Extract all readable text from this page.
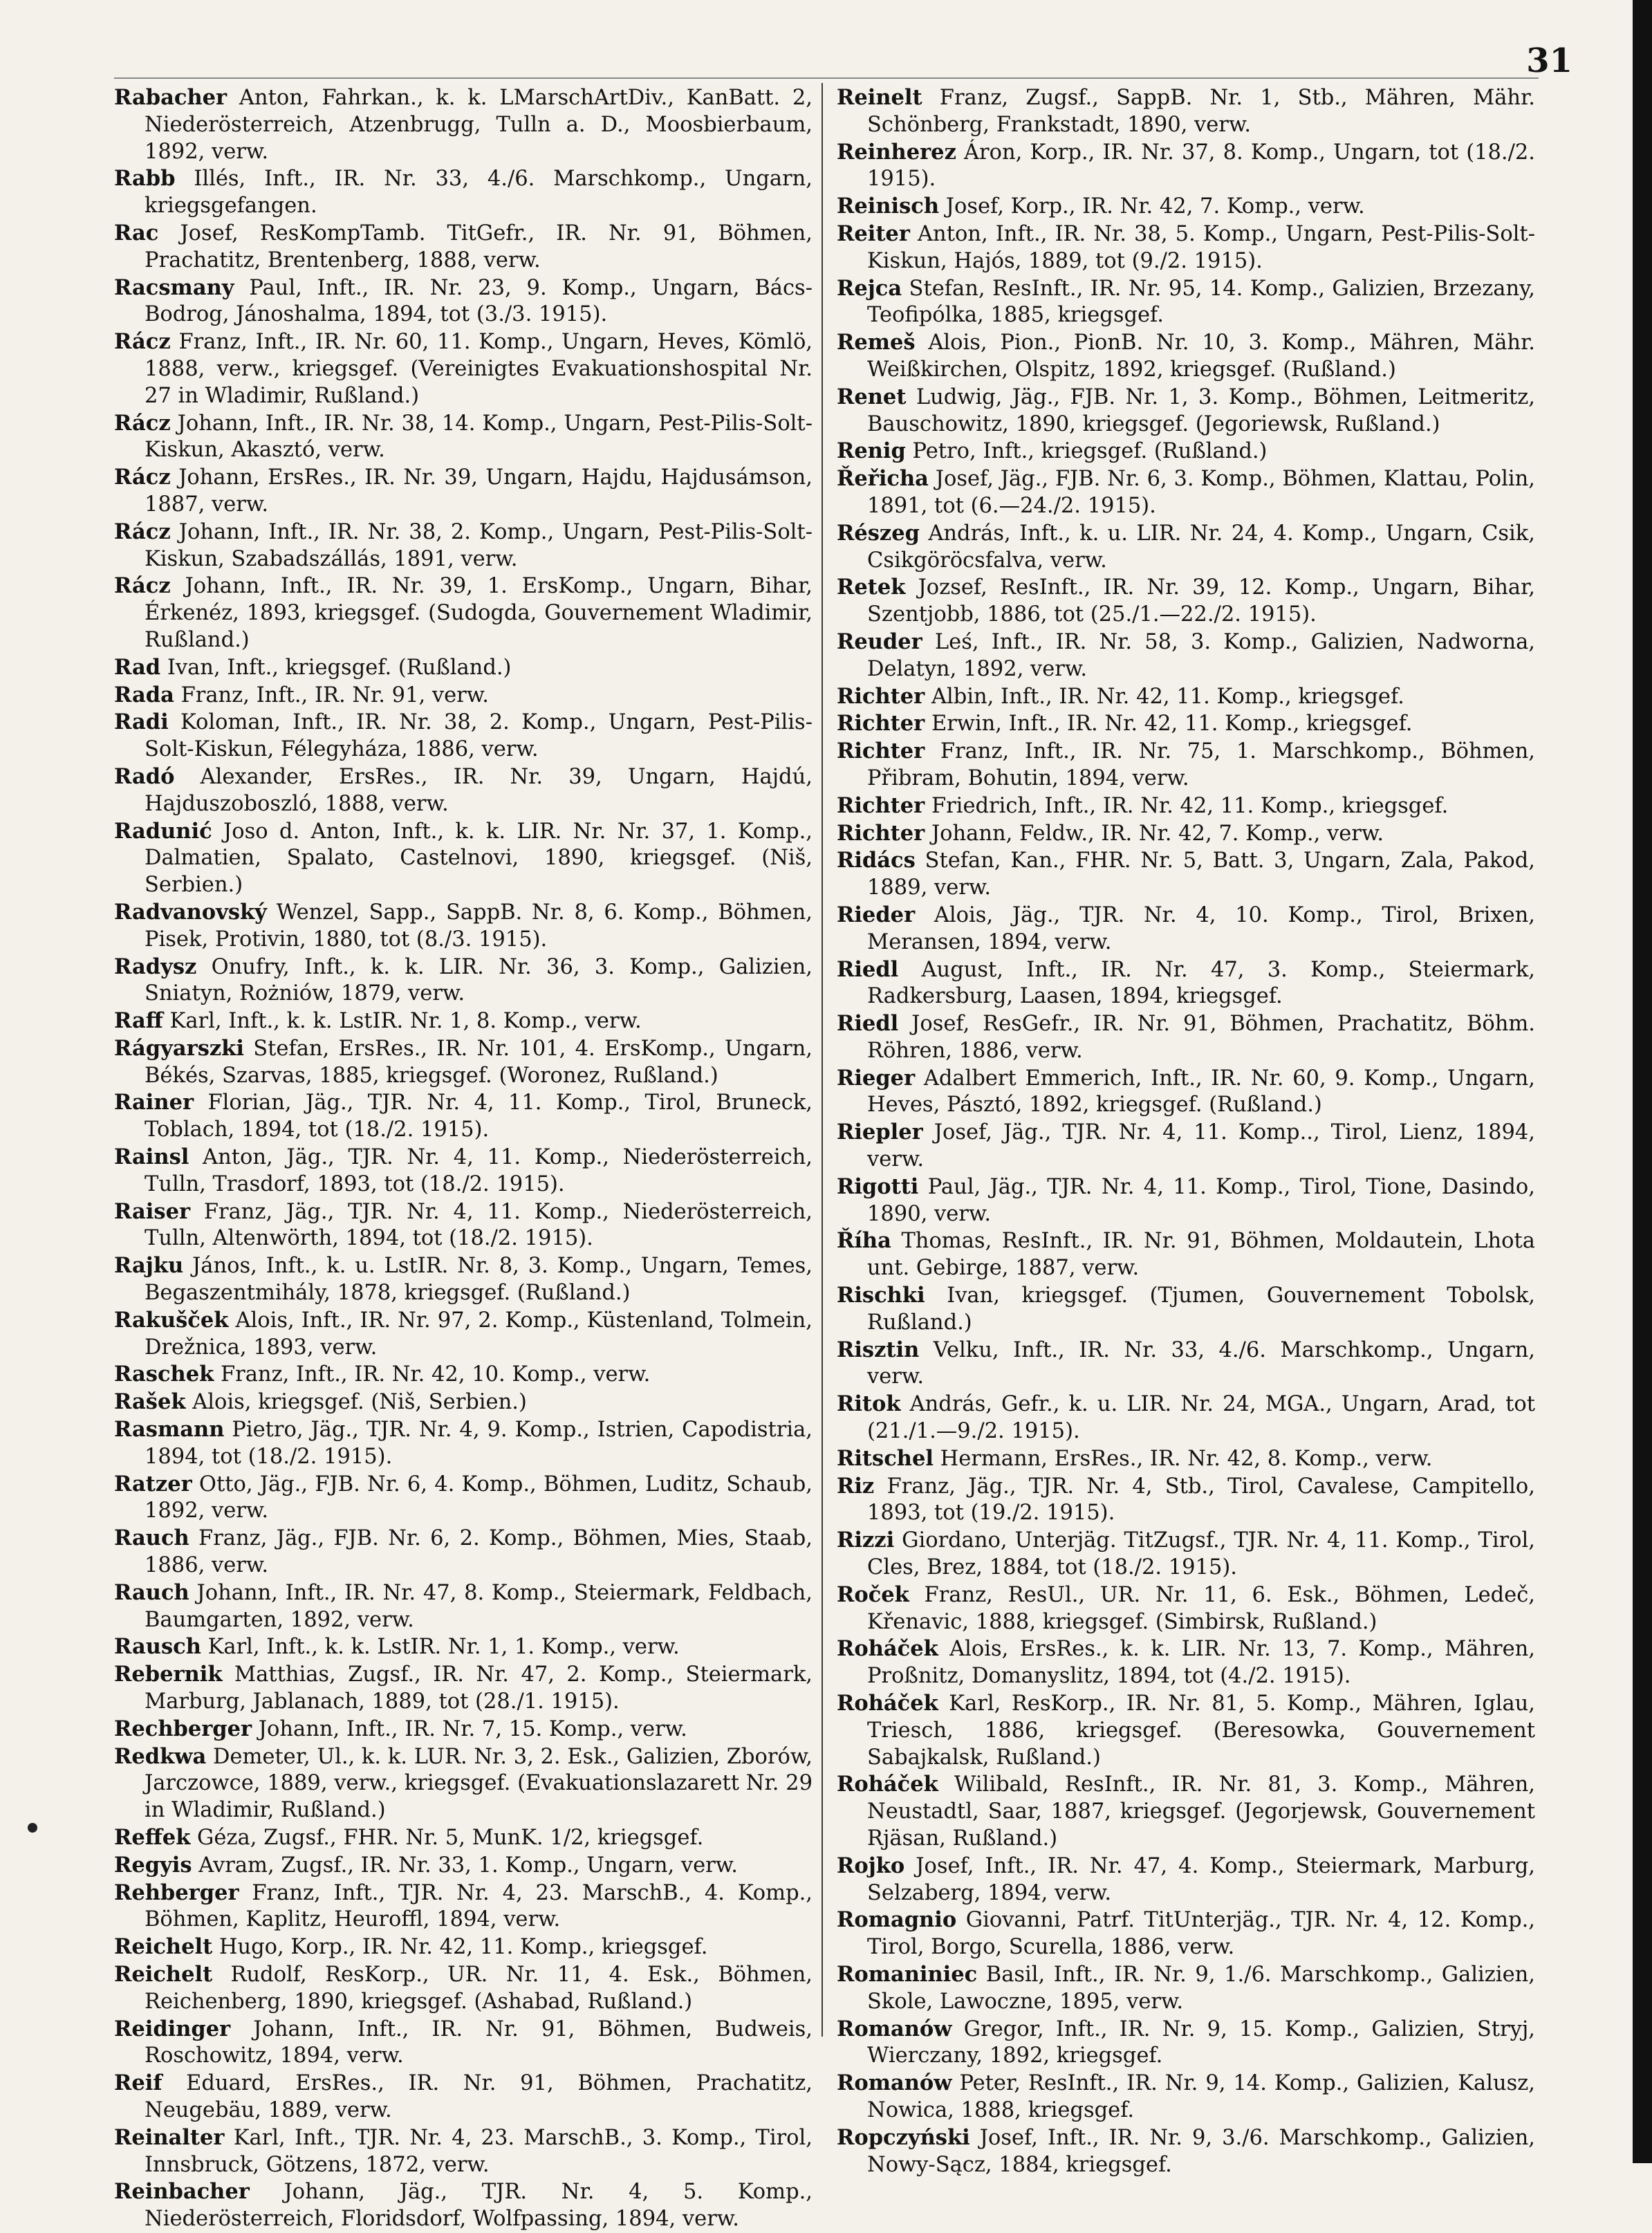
31

Rabacher Anton, Fahrkan., k. k. LMarschArtDiv., KanBatt. 2, Niederösterreich, Atzenbrugg, Tulln a. D., Moosbierbaum, 1892, verw.

Rabb Illés, Inft., IR. Nr. 33, 4./6. Marschkomp., Ungarn, kriegsgefangen.

Rac Josef, ResKompTamb. TitGefr., IR. Nr. 91, Böhmen, Prachatitz, Brentenberg, 1888, verw.

Racsmany Paul, Inft., IR. Nr. 23, 9. Komp., Ungarn, Bács-Bodrog, Jánoshalma, 1894, tot (3./3. 1915).

Rácz Franz, Inft., IR. Nr. 60, 11. Komp., Ungarn, Heves, Kömlö, 1888, verw., kriegsgef. (Vereinigtes Evakuationshospital Nr. 27 in Wladimir, Rußland.)

Rácz Johann, Inft., IR. Nr. 38, 14. Komp., Ungarn, Pest-Pilis-Solt-Kiskun, Akasztó, verw.

Rácz Johann, ErsRes., IR. Nr. 39, Ungarn, Hajdu, Hajdusámson, 1887, verw.

Rácz Johann, Inft., IR. Nr. 38, 2. Komp., Ungarn, Pest-Pilis-Solt-Kiskun, Szabadszállás, 1891, verw.

Rácz Johann, Inft., IR. Nr. 39, 1. ErsKomp., Ungarn, Bihar, Érkenéz, 1893, kriegsgef. (Sudogda, Gouvernement Wladimir, Rußland.)

Rad Ivan, Inft., kriegsgef. (Rußland.)

Rada Franz, Inft., IR. Nr. 91, verw.

Radi Koloman, Inft., IR. Nr. 38, 2. Komp., Ungarn, Pest-Pilis-Solt-Kiskun, Félegyháza, 1886, verw.

Radó Alexander, ErsRes., IR. Nr. 39, Ungarn, Hajdú, Hajduszoboszló, 1888, verw.

Radunić Joso d. Anton, Inft., k. k. LIR. Nr. Nr. 37, 1. Komp., Dalmatien, Spalato, Castelnovi, 1890, kriegsgef. (Niš, Serbien.)

Radvanovský Wenzel, Sapp., SappB. Nr. 8, 6. Komp., Böhmen, Pisek, Protivin, 1880, tot (8./3. 1915).

Radysz Onufry, Inft., k. k. LIR. Nr. 36, 3. Komp., Galizien, Sniatyn, Rożniów, 1879, verw.

Raff Karl, Inft., k. k. LstIR. Nr. 1, 8. Komp., verw.

Rágyarszki Stefan, ErsRes., IR. Nr. 101, 4. ErsKomp., Ungarn, Békés, Szarvas, 1885, kriegsgef. (Woronez, Rußland.)

Rainer Florian, Jäg., TJR. Nr. 4, 11. Komp., Tirol, Bruneck, Toblach, 1894, tot (18./2. 1915).

Rainsl Anton, Jäg., TJR. Nr. 4, 11. Komp., Niederösterreich, Tulln, Trasdorf, 1893, tot (18./2. 1915).

Raiser Franz, Jäg., TJR. Nr. 4, 11. Komp., Niederösterreich, Tulln, Altenwörth, 1894, tot (18./2. 1915).

Rajku János, Inft., k. u. LstIR. Nr. 8, 3. Komp., Ungarn, Temes, Begaszentmihály, 1878, kriegsgef. (Rußland.)

Rakušček Alois, Inft., IR. Nr. 97, 2. Komp., Küstenland, Tolmein, Drežnica, 1893, verw.

Raschek Franz, Inft., IR. Nr. 42, 10. Komp., verw.

Rašek Alois, kriegsgef. (Niš, Serbien.)

Rasmann Pietro, Jäg., TJR. Nr. 4, 9. Komp., Istrien, Capodistria, 1894, tot (18./2. 1915).

Ratzer Otto, Jäg., FJB. Nr. 6, 4. Komp., Böhmen, Luditz, Schaub, 1892, verw.

Rauch Franz, Jäg., FJB. Nr. 6, 2. Komp., Böhmen, Mies, Staab, 1886, verw.

Rauch Johann, Inft., IR. Nr. 47, 8. Komp., Steiermark, Feldbach, Baumgarten, 1892, verw.

Rausch Karl, Inft., k. k. LstIR. Nr. 1, 1. Komp., verw.

Rebernik Matthias, Zugsf., IR. Nr. 47, 2. Komp., Steiermark, Marburg, Jablanach, 1889, tot (28./1. 1915).

Rechberger Johann, Inft., IR. Nr. 7, 15. Komp., verw.

Redkwa Demeter, Ul., k. k. LUR. Nr. 3, 2. Esk., Galizien, Zborów, Jarczowce, 1889, verw., kriegsgef. (Evakuationslazarett Nr. 29 in Wladimir, Rußland.)

Reffek Géza, Zugsf., FHR. Nr. 5, MunK. 1/2, kriegsgef.

Regyis Avram, Zugsf., IR. Nr. 33, 1. Komp., Ungarn, verw.

Rehberger Franz, Inft., TJR. Nr. 4, 23. MarschB., 4. Komp., Böhmen, Kaplitz, Heuroffl, 1894, verw.

Reichelt Hugo, Korp., IR. Nr. 42, 11. Komp., kriegsgef.

Reichelt Rudolf, ResKorp., UR. Nr. 11, 4. Esk., Böhmen, Reichenberg, 1890, kriegsgef. (Ashabad, Rußland.)

Reidinger Johann, Inft., IR. Nr. 91, Böhmen, Budweis, Roschowitz, 1894, verw.

Reif Eduard, ErsRes., IR. Nr. 91, Böhmen, Prachatitz, Neugebäu, 1889, verw.

Reinalter Karl, Inft., TJR. Nr. 4, 23. MarschB., 3. Komp., Tirol, Innsbruck, Götzens, 1872, verw.

Reinbacher Johann, Jäg., TJR. Nr. 4, 5. Komp., Niederösterreich, Floridsdorf, Wolfpassing, 1894, verw.

Reinelt Franz, Zugsf., SappB. Nr. 1, Stb., Mähren, Mähr. Schönberg, Frankstadt, 1890, verw.

Reinherez Áron, Korp., IR. Nr. 37, 8. Komp., Ungarn, tot (18./2. 1915).

Reinisch Josef, Korp., IR. Nr. 42, 7. Komp., verw.

Reiter Anton, Inft., IR. Nr. 38, 5. Komp., Ungarn, Pest-Pilis-Solt-Kiskun, Hajós, 1889, tot (9./2. 1915).

Rejca Stefan, ResInft., IR. Nr. 95, 14. Komp., Galizien, Brzezany, Teofipólka, 1885, kriegsgef.

Remeš Alois, Pion., PionB. Nr. 10, 3. Komp., Mähren, Mähr. Weißkirchen, Olspitz, 1892, kriegsgef. (Rußland.)

Renet Ludwig, Jäg., FJB. Nr. 1, 3. Komp., Böhmen, Leitmeritz, Bauschowitz, 1890, kriegsgef. (Jegoriewsk, Rußland.)

Renig Petro, Inft., kriegsgef. (Rußland.)

Řeřicha Josef, Jäg., FJB. Nr. 6, 3. Komp., Böhmen, Klattau, Polin, 1891, tot (6.—24./2. 1915).

Részeg András, Inft., k. u. LIR. Nr. 24, 4. Komp., Ungarn, Csik, Csikgöröcsfalva, verw.

Retek Jozsef, ResInft., IR. Nr. 39, 12. Komp., Ungarn, Bihar, Szentjobb, 1886, tot (25./1.—22./2. 1915).

Reuder Leś, Inft., IR. Nr. 58, 3. Komp., Galizien, Nadworna, Delatyn, 1892, verw.

Richter Albin, Inft., IR. Nr. 42, 11. Komp., kriegsgef.

Richter Erwin, Inft., IR. Nr. 42, 11. Komp., kriegsgef.

Richter Franz, Inft., IR. Nr. 75, 1. Marschkomp., Böhmen, Přibram, Bohutin, 1894, verw.

Richter Friedrich, Inft., IR. Nr. 42, 11. Komp., kriegsgef.

Richter Johann, Feldw., IR. Nr. 42, 7. Komp., verw.

Ridács Stefan, Kan., FHR. Nr. 5, Batt. 3, Ungarn, Zala, Pakod, 1889, verw.

Rieder Alois, Jäg., TJR. Nr. 4, 10. Komp., Tirol, Brixen, Meransen, 1894, verw.

Riedl August, Inft., IR. Nr. 47, 3. Komp., Steiermark, Radkersburg, Laasen, 1894, kriegsgef.

Riedl Josef, ResGefr., IR. Nr. 91, Böhmen, Prachatitz, Böhm. Röhren, 1886, verw.

Rieger Adalbert Emmerich, Inft., IR. Nr. 60, 9. Komp., Ungarn, Heves, Pásztó, 1892, kriegsgef. (Rußland.)

Riepler Josef, Jäg., TJR. Nr. 4, 11. Komp.., Tirol, Lienz, 1894, verw.

Rigotti Paul, Jäg., TJR. Nr. 4, 11. Komp., Tirol, Tione, Dasindo, 1890, verw.

Říha Thomas, ResInft., IR. Nr. 91, Böhmen, Moldautein, Lhota unt. Gebirge, 1887, verw.

Rischki Ivan, kriegsgef. (Tjumen, Gouvernement Tobolsk, Rußland.)

Risztin Velku, Inft., IR. Nr. 33, 4./6. Marschkomp., Ungarn, verw.

Ritok András, Gefr., k. u. LIR. Nr. 24, MGA., Ungarn, Arad, tot (21./1.—9./2. 1915).

Ritschel Hermann, ErsRes., IR. Nr. 42, 8. Komp., verw.

Riz Franz, Jäg., TJR. Nr. 4, Stb., Tirol, Cavalese, Campitello, 1893, tot (19./2. 1915).

Rizzi Giordano, Unterjäg. TitZugsf., TJR. Nr. 4, 11. Komp., Tirol, Cles, Brez, 1884, tot (18./2. 1915).

Roček Franz, ResUl., UR. Nr. 11, 6. Esk., Böhmen, Ledeč, Křenavic, 1888, kriegsgef. (Simbirsk, Rußland.)

Roháček Alois, ErsRes., k. k. LIR. Nr. 13, 7. Komp., Mähren, Proßnitz, Domanyslitz, 1894, tot (4./2. 1915).

Roháček Karl, ResKorp., IR. Nr. 81, 5. Komp., Mähren, Iglau, Triesch, 1886, kriegsgef. (Beresowka, Gouvernement Sabajkalsk, Rußland.)

Roháček Wilibald, ResInft., IR. Nr. 81, 3. Komp., Mähren, Neustadtl, Saar, 1887, kriegsgef. (Jegorjewsk, Gouvernement Rjäsan, Rußland.)

Rojko Josef, Inft., IR. Nr. 47, 4. Komp., Steiermark, Marburg, Selzaberg, 1894, verw.

Romagnio Giovanni, Patrf. TitUnterjäg., TJR. Nr. 4, 12. Komp., Tirol, Borgo, Scurella, 1886, verw.

Romaniniec Basil, Inft., IR. Nr. 9, 1./6. Marschkomp., Galizien, Skole, Lawoczne, 1895, verw.

Romanów Gregor, Inft., IR. Nr. 9, 15. Komp., Galizien, Stryj, Wierczany, 1892, kriegsgef.

Romanów Peter, ResInft., IR. Nr. 9, 14. Komp., Galizien, Kalusz, Nowica, 1888, kriegsgef.

Ropczyński Josef, Inft., IR. Nr. 9, 3./6. Marschkomp., Galizien, Nowy-Sącz, 1884, kriegsgef.
